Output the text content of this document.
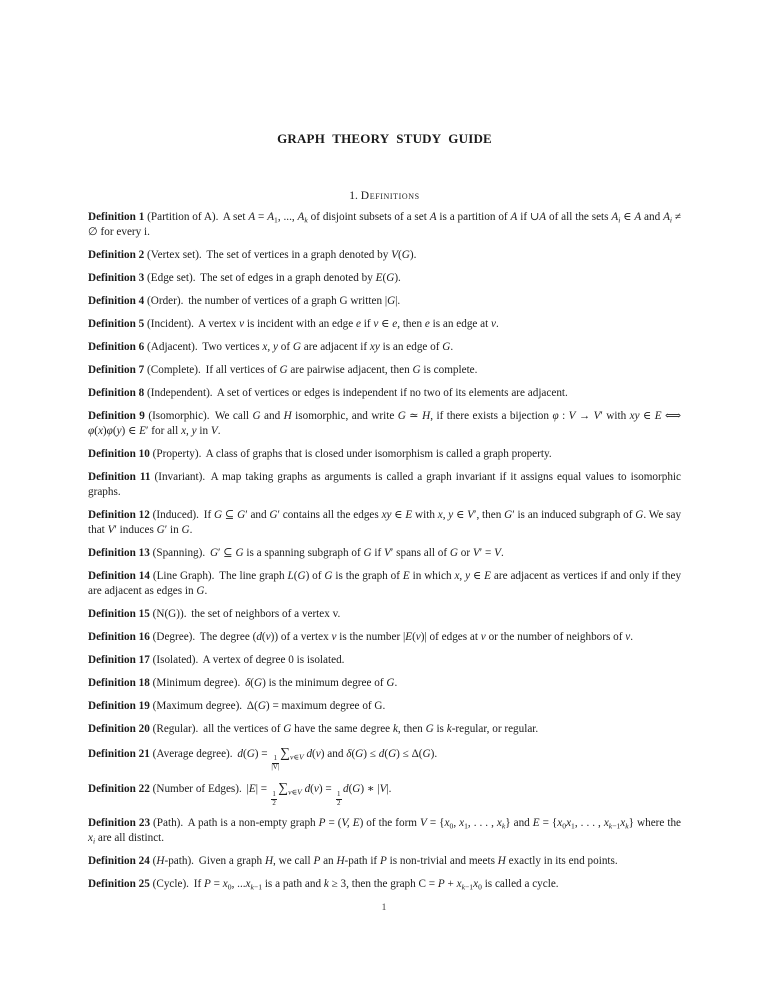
GRAPH THEORY STUDY GUIDE
1. Definitions

Definition 1 (Partition of A). A set $A = A_1$, ..., $A_k$ of disjoint subsets of a set A is a partition of A if ∪A of all the sets $A_i$ ∈ A and $A_i$ ≠ ∅ for every i.

Definition 2 (Vertex set). The set of vertices in a graph denoted by V(G).

Definition 3 (Edge set). The set of edges in a graph denoted by E(G).

Definition 4 (Order). the number of vertices of a graph G written |G|.

Definition 5 (Incident). A vertex v is incident with an edge e if v ∈ e, then e is an edge at v.

Definition 6 (Adjacent). Two vertices x, y of G are adjacent if xy is an edge of G.

Definition 7 (Complete). If all vertices of G are pairwise adjacent, then G is complete.

Definition 8 (Independent). A set of vertices or edges is independent if no two of its elements are adjacent.

Definition 9 (Isomorphic). We call G and H isomorphic, and write G ≃ H, if there exists a bijection φ : V → V′ with xy ∈ E ⟺ φ(x)φ(y) ∈ E′ for all x, y in V.

Definition 10 (Property). A class of graphs that is closed under isomorphism is called a graph property.

Definition 11 (Invariant). A map taking graphs as arguments is called a graph invariant if it assigns equal values to isomorphic graphs.

Definition 12 (Induced). If G ⊆ G′ and G′ contains all the edges xy ∈ E with x, y ∈ V′, then G′ is an induced subgraph of G. We say that V′ induces G′ in G.

Definition 13 (Spanning). G′ ⊆ G is a spanning subgraph of G if V′ spans all of G or V′ = V.

Definition 14 (Line Graph). The line graph L(G) of G is the graph of E in which x, y ∈ E are adjacent as vertices if and only if they are adjacent as edges in G.

Definition 15 (N(G)). the set of neighbors of a vertex v.

Definition 16 (Degree). The degree (d(v)) of a vertex v is the number |E(v)| of edges at v or the number of neighbors of v.

Definition 17 (Isolated). A vertex of degree 0 is isolated.

Definition 18 (Minimum degree). δ(G) is the minimum degree of G.

Definition 19 (Maximum degree). Δ(G) = maximum degree of G.

Definition 20 (Regular). all the vertices of G have the same degree k, then G is k-regular, or regular.

Definition 21 (Average degree). d(G) =
$\frac{1}{|V|}$
$\sum_{v\in V}$ d(v) and δ(G) ≤ d(G) ≤ Δ(G).

Definition 22 (Number of Edges). |E| =
$\frac{1}{2}$
$\sum_{v\in V}$ d(v) =
$\frac{1}{2}$
d(G) ∗ |V|.

Definition 23 (Path). A path is a non-empty graph P = (V, E) of the form $V = \{x_0$, $x_1$, . . . , $x_k$} and $E = \{x_0x_1$, . . . , $x_{k-1}x_k$} where the $x_i$ are all distinct.

Definition 24 (H-path). Given a graph H, we call P an H-path if P is non-trivial and meets H exactly in its end points.

Definition 25 (Cycle). If $P = x_0$, $...x_{k-1}$ is a path and k ≥ 3, then the graph $C = P + x_{k-1}x_0$ is called a cycle.

1
